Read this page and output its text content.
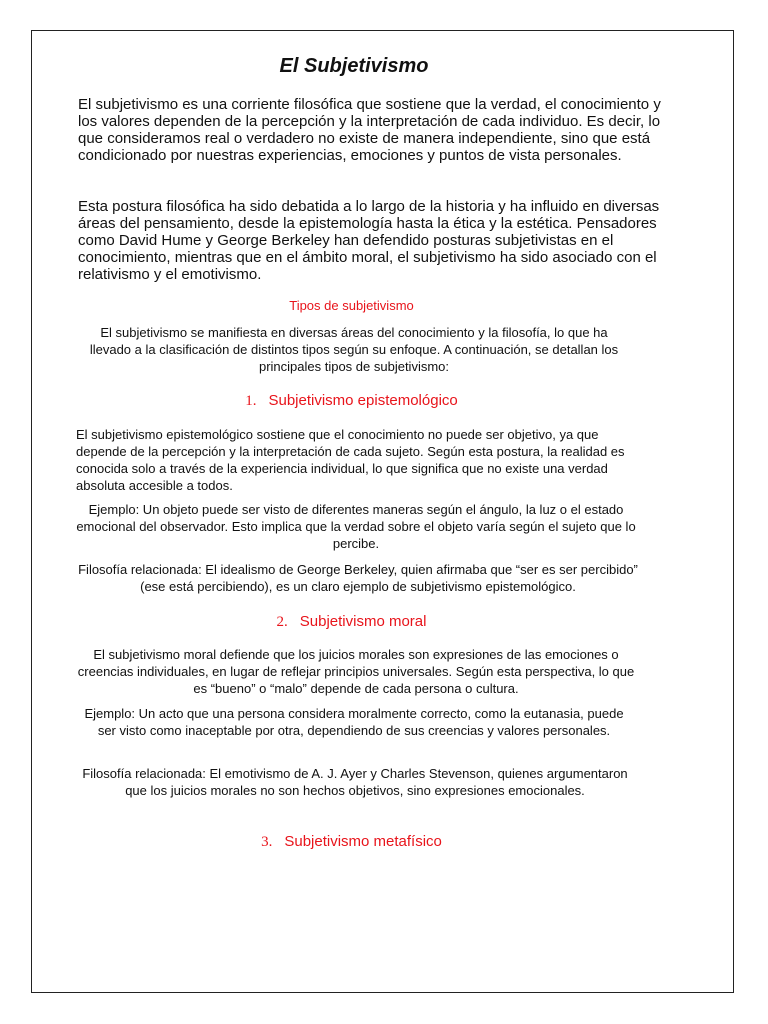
El Subjetivismo
El subjetivismo es una corriente filosófica que sostiene que la verdad, el conocimiento y los valores dependen de la percepción y la interpretación de cada individuo. Es decir, lo que consideramos real o verdadero no existe de manera independiente, sino que está condicionado por nuestras experiencias, emociones y puntos de vista personales.
Esta postura filosófica ha sido debatida a lo largo de la historia y ha influido en diversas áreas del pensamiento, desde la epistemología hasta la ética y la estética. Pensadores como David Hume y George Berkeley han defendido posturas subjetivistas en el conocimiento, mientras que en el ámbito moral, el subjetivismo ha sido asociado con el relativismo y el emotivismo.
Tipos de subjetivismo
El subjetivismo se manifiesta en diversas áreas del conocimiento y la filosofía, lo que ha llevado a la clasificación de distintos tipos según su enfoque. A continuación, se detallan los principales tipos de subjetivismo:
1. Subjetivismo epistemológico
El subjetivismo epistemológico sostiene que el conocimiento no puede ser objetivo, ya que depende de la percepción y la interpretación de cada sujeto. Según esta postura, la realidad es conocida solo a través de la experiencia individual, lo que significa que no existe una verdad absoluta accesible a todos.
Ejemplo: Un objeto puede ser visto de diferentes maneras según el ángulo, la luz o el estado emocional del observador. Esto implica que la verdad sobre el objeto varía según el sujeto que lo percibe.
Filosofía relacionada: El idealismo de George Berkeley, quien afirmaba que “ser es ser percibido” (ese está percibiendo), es un claro ejemplo de subjetivismo epistemológico.
2. Subjetivismo moral
El subjetivismo moral defiende que los juicios morales son expresiones de las emociones o creencias individuales, en lugar de reflejar principios universales. Según esta perspectiva, lo que es “bueno” o “malo” depende de cada persona o cultura.
Ejemplo: Un acto que una persona considera moralmente correcto, como la eutanasia, puede ser visto como inaceptable por otra, dependiendo de sus creencias y valores personales.
Filosofía relacionada: El emotivismo de A. J. Ayer y Charles Stevenson, quienes argumentaron que los juicios morales no son hechos objetivos, sino expresiones emocionales.
3. Subjetivismo metafísico
